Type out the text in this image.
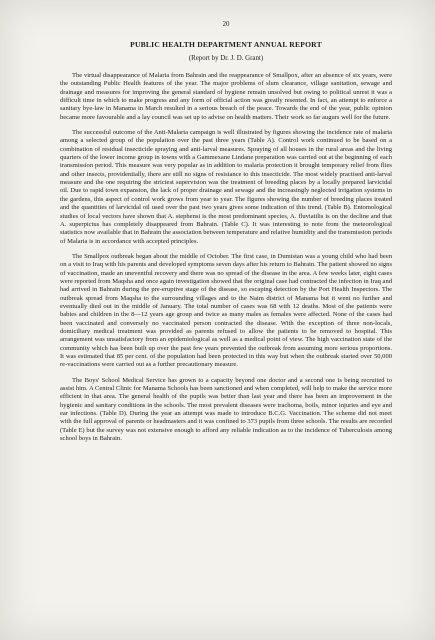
20
PUBLIC HEALTH DEPARTMENT ANNUAL REPORT
(Report by Dr. J. D. Grant)

The virtual disappearance of Malaria from Bahrain and the reappearance of Smallpox, after an absence of six years, were the outstanding Public Health features of the year. The major problems of slum clearance, village sanitation, sewage and drainage and measures for improving the general standard of hygiene remain unsolved but owing to political unrest it was a difficult time in which to make progress and any form of official action was greatly resented. In fact, an attempt to enforce a sanitary bye-law in Manama in March resulted in a serious breach of the peace. Towards the end of the year, public opinion became more favourable and a lay council was set up to advise on health matters. Their work so far augurs well for the future.

The successful outcome of the Anti-Malaria campaign is well illustrated by figures showing the incidence rate of malaria among a selected group of the population over the past three years (Table A). Control work continued to be based on a combination of residual insecticide spraying and anti-larval measures. Spraying of all houses in the rural areas and the living quarters of the lower income group in towns with a Gammexane Lindane preparation was carried out at the beginning of each transmission period. This measure was very popular as in addition to malaria protection it brought temporary relief from flies and other insects, providentially, there are still no signs of resistance to this insecticide. The most widely practised anti-larval measure and the one requiring the strictest supervision was the treatment of breeding places by a locally prepared larvicidal oil. Due to rapid town expansion, the lack of proper drainage and sewage and the increasingly neglected irrigation systems in the gardens, this aspect of control work grows from year to year. The figures showing the number of breeding places treated and the quantities of larvicidal oil used over the past two years gives some indication of this trend. (Table B). Entomological studies of local vectors have shown that A. stephensi is the most predominant species, A. fluviatilis is on the decline and that A. superpictus has completely disappeared from Bahrain. (Table C). It was interesting to note from the meteorological statistics now available that in Bahrain the association between temperature and relative humidity and the transmission periods of Malaria is in accordance with accepted principles.

The Smallpox outbreak began about the middle of October. The first case, in Dumistan was a young child who had been on a visit to Iraq with his parents and developed symptoms seven days after his return to Bahrain. The patient showed no signs of vaccination, made an uneventful recovery and there was no spread of the disease in the area. A few weeks later, eight cases were reported from Maqsha and once again investigation showed that the original case had contracted the infection in Iraq and had arrived in Bahrain during the pre-eruptive stage of the disease, so escaping detection by the Port Health Inspectors. The outbreak spread from Maqsha to the surrounding villages and to the Naim district of Manama but it went no further and eventually died out in the middle of January. The total number of cases was 68 with 12 deaths. Most of the patients were babies and children in the 8—12 years age group and twice as many males as females were affected. None of the cases had been vaccinated and conversely no vaccinated person contracted the disease. With the exception of three non-locals, domiciliary medical treatment was provided as parents refused to allow the patients to be removed to hospital. This arrangement was unsatisfactory from an epidemiological as well as a medical point of view. The high vaccination state of the community which has been built up over the past few years prevented the outbreak from assuming more serious proportions. It was estimated that 85 per cent. of the population had been protected in this way but when the outbreak started over 50,000 re-vaccinations were carried out as a further precautionary measure.

The Boys' School Medical Service has grown to a capacity beyond one doctor and a second one is being recruited to assist him. A Central Clinic for Manama Schools has been sanctioned and when completed, will help to make the service more efficient in that area. The general health of the pupils was better than last year and there has been an improvement in the hygienic and sanitary conditions in the schools. The most prevalent diseases were trachoma, boils, minor injuries and eye and ear infections. (Table D). During the year an attempt was made to introduce B.C.G. Vaccination. The scheme did not meet with the full approval of parents or headmasters and it was confined to 373 pupils from three schools. The results are recorded (Table E) but the survey was not extensive enough to afford any reliable indication as to the incidence of Tuberculosis among school boys in Bahrain.
